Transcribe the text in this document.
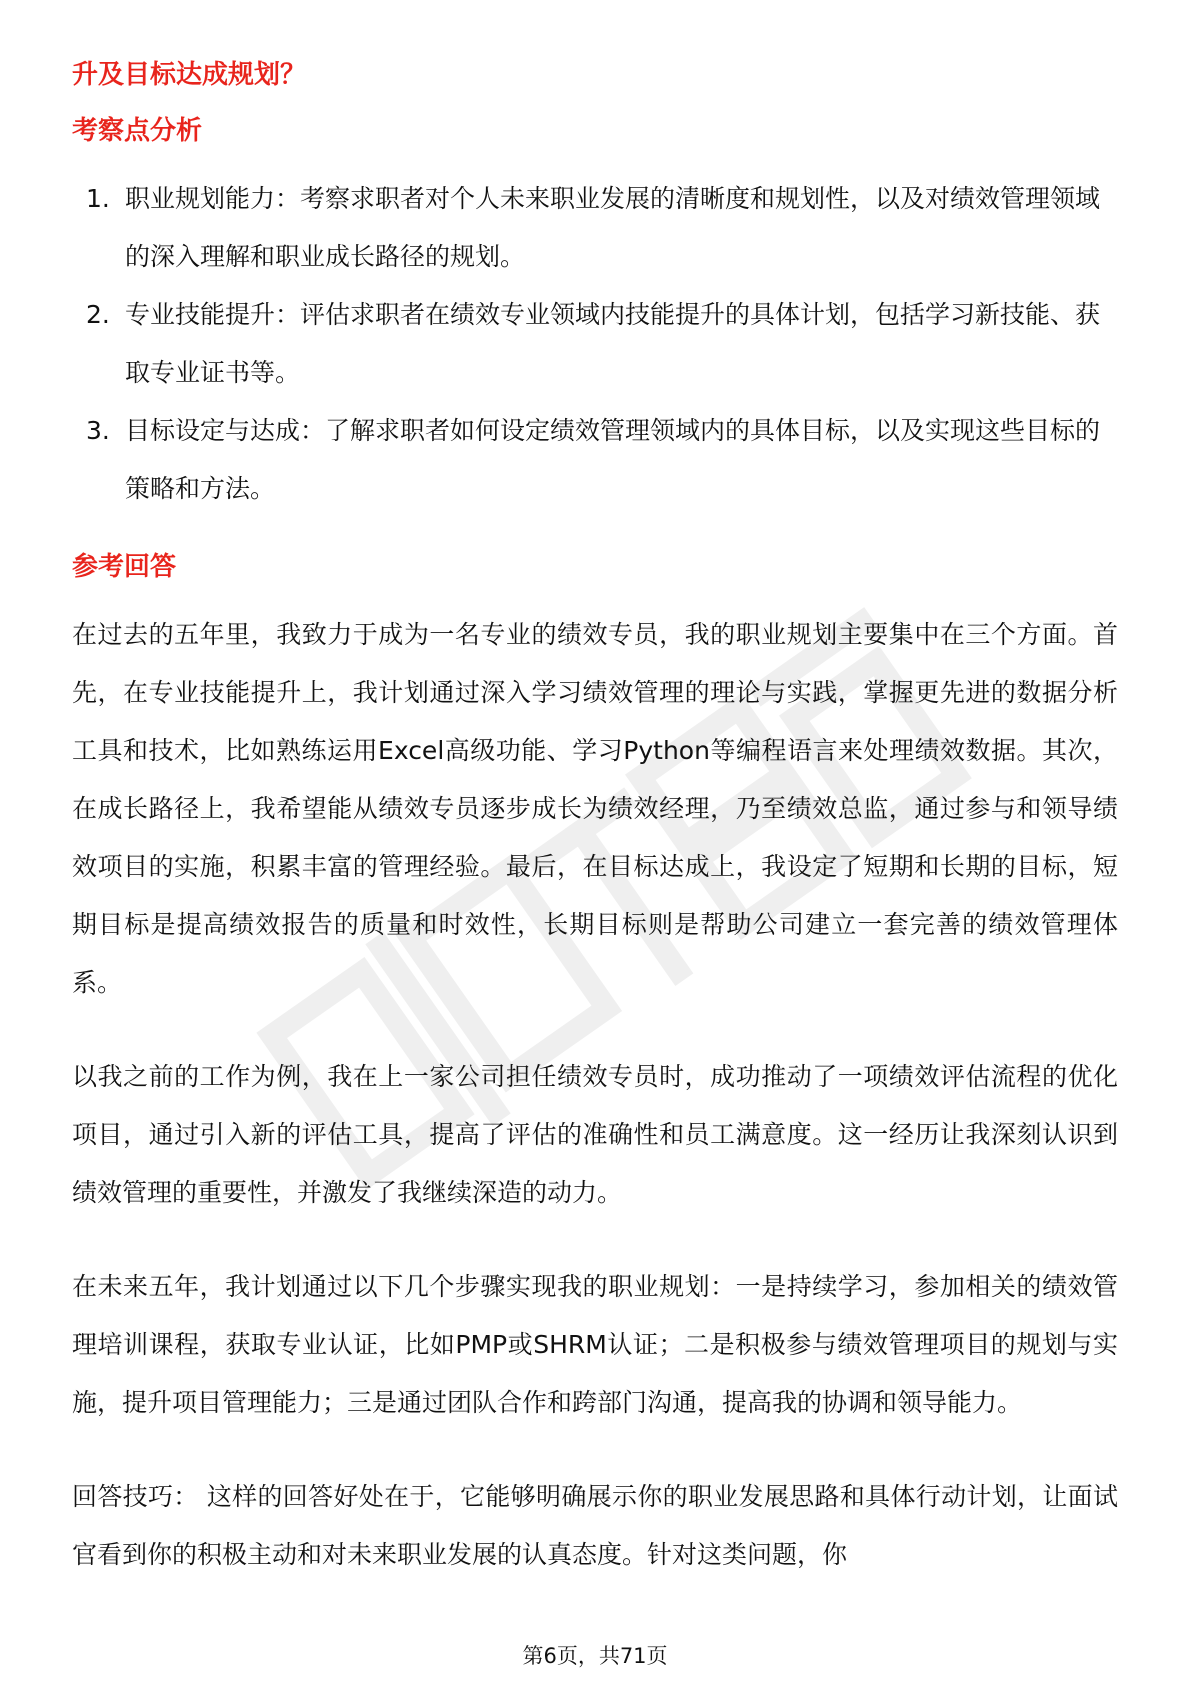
升及目标达成规划？
考察点分析
1. 职业规划能力：考察求职者对个人未来职业发展的清晰度和规划性，以及对绩效管理领域的深入理解和职业成长路径的规划。
2. 专业技能提升：评估求职者在绩效专业领域内技能提升的具体计划，包括学习新技能、获取专业证书等。
3. 目标设定与达成：了解求职者如何设定绩效管理领域内的具体目标，以及实现这些目标的策略和方法。
参考回答

在过去的五年里，我致力于成为一名专业的绩效专员，我的职业规划主要集中在三个方面。首先，在专业技能提升上，我计划通过深入学习绩效管理的理论与实践，掌握更先进的数据分析工具和技术，比如熟练运用Excel高级功能、学习Python等编程语言来处理绩效数据。其次，在成长路径上，我希望能从绩效专员逐步成长为绩效经理，乃至绩效总监，通过参与和领导绩效项目的实施，积累丰富的管理经验。最后，在目标达成上，我设定了短期和长期的目标，短期目标是提高绩效报告的质量和时效性，长期目标则是帮助公司建立一套完善的绩效管理体系。

以我之前的工作为例，我在上一家公司担任绩效专员时，成功推动了一项绩效评估流程的优化项目，通过引入新的评估工具，提高了评估的准确性和员工满意度。这一经历让我深刻认识到绩效管理的重要性，并激发了我继续深造的动力。

在未来五年，我计划通过以下几个步骤实现我的职业规划：一是持续学习，参加相关的绩效管理培训课程，获取专业认证，比如PMP或SHRM认证；二是积极参与绩效管理项目的规划与实施，提升项目管理能力；三是通过团队合作和跨部门沟通，提高我的协调和领导能力。

回答技巧： 这样的回答好处在于，它能够明确展示你的职业发展思路和具体行动计划，让面试官看到你的积极主动和对未来职业发展的认真态度。针对这类问题，你

第6页，共71页
